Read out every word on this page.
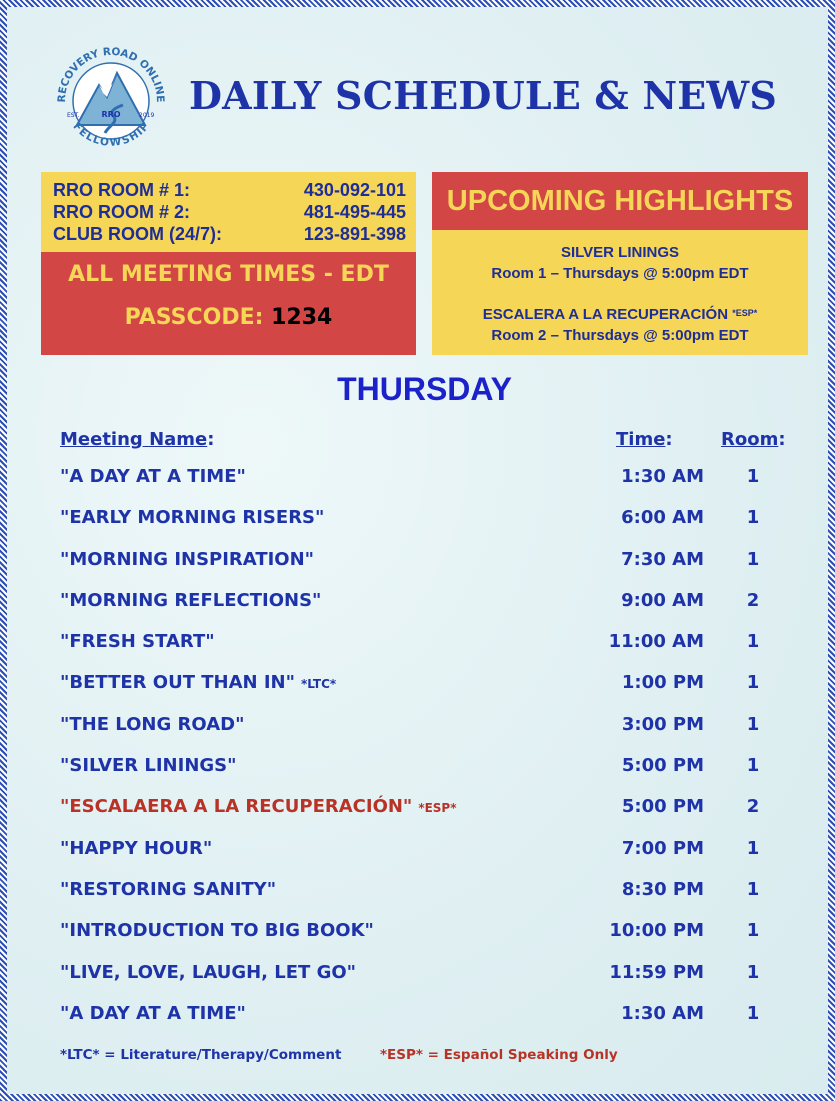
RRO
EST.	2019
RECOVERY ROAD ONLINE
FELLOWSHIP
DAILY SCHEDULE & NEWS
RRO ROOM # 1:	430-092-101
RRO ROOM # 2:	481-495-445
CLUB ROOM (24/7):	123-891-398
ALL MEETING TIMES - EDT
PASSCODE: 1234
UPCOMING HIGHLIGHTS
SILVER LININGS
Room 1 – Thursdays @ 5:00pm EDT
ESCALERA A LA RECUPERACIÓN $^{*ESP*}$
Room 2 – Thursdays @ 5:00pm EDT
THURSDAY
Meeting Name:	Time:	Room:
"A DAY AT A TIME"	1:30 AM 1
"EARLY MORNING RISERS"	6:00 AM 1
"MORNING INSPIRATION"	7:30 AM 1
"MORNING REFLECTIONS"	9:00 AM 2
"FRESH START"	11:00 AM 1
"BETTER OUT THAN IN" *LTC*	1:00 PM 1
"THE LONG ROAD"	3:00 PM 1
"SILVER LININGS"	5:00 PM 1
"ESCALAERA A LA RECUPERACIÓN" *ESP*	5:00 PM 2
"HAPPY HOUR"	7:00 PM 1
"RESTORING SANITY"	8:30 PM 1
"INTRODUCTION TO BIG BOOK"	10:00 PM 1
"LIVE, LOVE, LAUGH, LET GO"	11:59 PM 1
"A DAY AT A TIME"	1:30 AM 1
*LTC* = Literature/Therapy/Comment	*ESP* = Español Speaking Only
